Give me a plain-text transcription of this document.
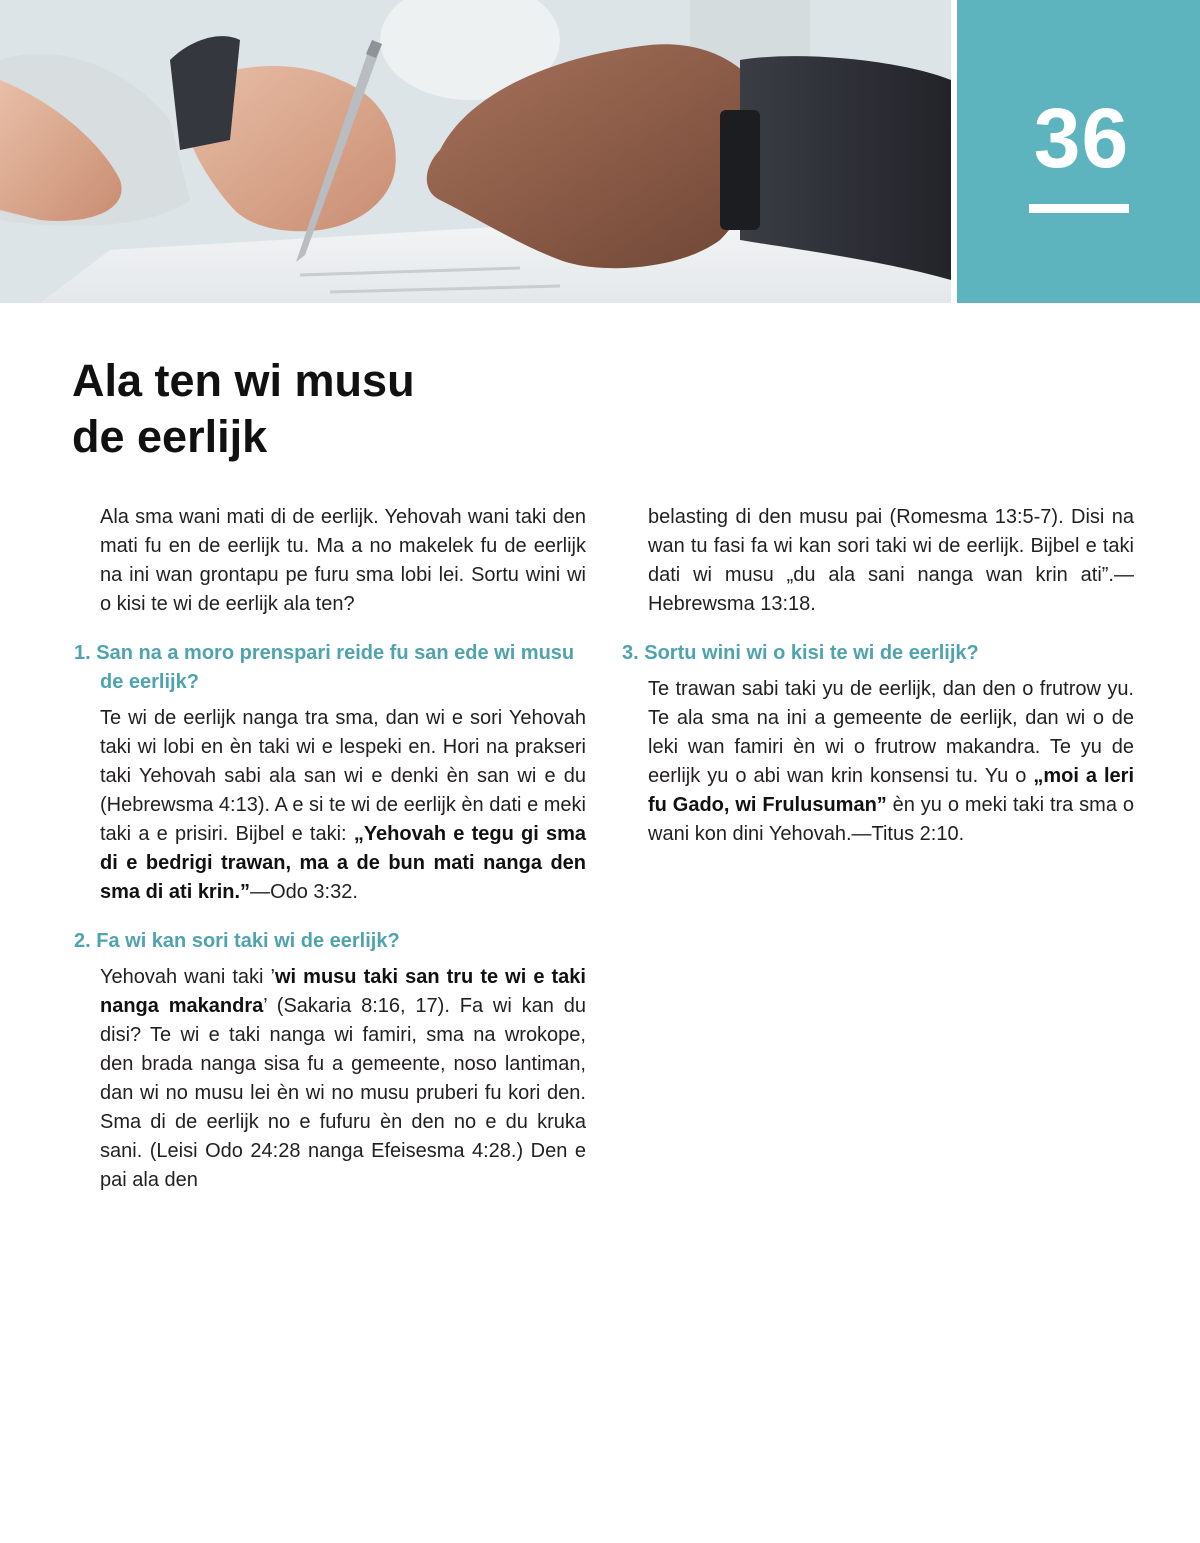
36
Ala ten wi musu
de eerlijk

Ala sma wani mati di de eerlijk. Yehovah wani taki den mati fu en de eerlijk tu. Ma a no makelek fu de eerlijk na ini wan grontapu pe furu sma lobi lei. Sortu wini wi o kisi te wi de eerlijk ala ten?

1. San na a moro prenspari reide fu san ede wi musu de eerlijk?

Te wi de eerlijk nanga tra sma, dan wi e sori Yehovah taki wi lobi en èn taki wi e lespeki en. Hori na prakseri taki Yehovah sabi ala san wi e denki èn san wi e du (Hebrewsma 4:13). A e si te wi de eerlijk èn dati e meki taki a e prisiri. Bijbel e taki: „Yehovah e tegu gi sma di e bedrigi trawan, ma a de bun mati nanga den sma di ati krin.”—Odo 3:32.

2. Fa wi kan sori taki wi de eerlijk?

Yehovah wani taki ’wi musu taki san tru te wi e taki nanga makandra’ (Sakaria 8:16, 17). Fa wi kan du disi? Te wi e taki nanga wi famiri, sma na wrokope, den brada nanga sisa fu a gemeente, noso lantiman, dan wi no musu lei èn wi no musu pruberi fu kori den. Sma di de eerlijk no e fufuru èn den no e du kruka sani. (Leisi Odo 24:28 nanga Efeisesma 4:28.) Den e pai ala den

belasting di den musu pai (Romesma 13:5-7). Disi na wan tu fasi fa wi kan sori taki wi de eerlijk. Bijbel e taki dati wi musu „du ala sani nanga wan krin ati”.—Hebrewsma 13:18.

3. Sortu wini wi o kisi te wi de eerlijk?

Te trawan sabi taki yu de eerlijk, dan den o frutrow yu. Te ala sma na ini a gemeente de eerlijk, dan wi o de leki wan famiri èn wi o frutrow makandra. Te yu de eerlijk yu o abi wan krin konsensi tu. Yu o „moi a leri fu Gado, wi Frulusuman” èn yu o meki taki tra sma o wani kon dini Yehovah.—Titus 2:10.
